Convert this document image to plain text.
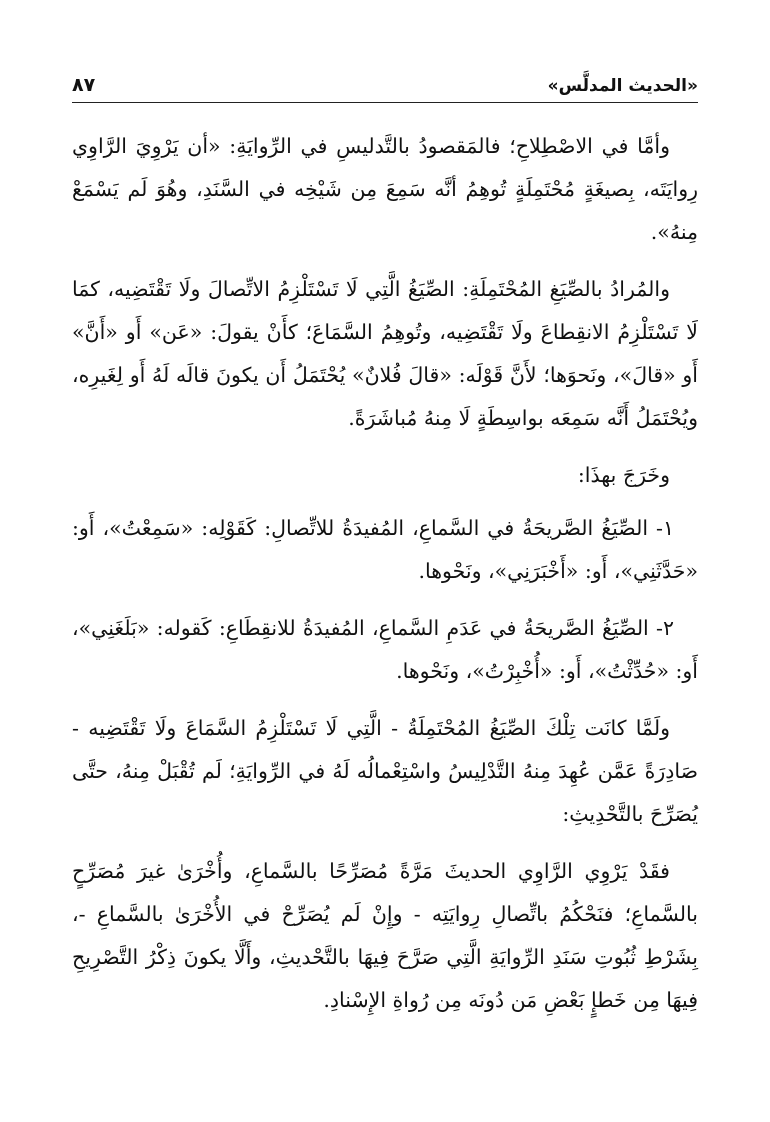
«الحديث المدلَّس»
٨٧

وأمَّا في الاصْطِلاحِ؛ فالمَقصودُ بالتَّدليسِ في الرِّوايَةِ: «أن يَرْوِيَ الرَّاوِي رِوايَتَه، بِصيغَةٍ مُحْتَمِلَةٍ تُوهِمُ أنَّه سَمِعَ مِن شَيْخِه في السَّنَدِ، وهُوَ لَم يَسْمَعْ مِنهُ».

والمُرادُ بالصِّيَغِ المُحْتَمِلَةِ: الصِّيَغُ الَّتِي لَا تَسْتَلْزِمُ الاتِّصالَ ولَا تَقْتَضِيه، كمَا لَا تَسْتَلْزِمُ الانقِطاعَ ولَا تَقْتَضِيه، وتُوهِمُ السَّمَاعَ؛ كأَنْ يقولَ: «عَن» أَو «أَنَّ» أَو «قالَ»، ونَحوَها؛ لأَنَّ قَوْلَه: «قالَ فُلانٌ» يُحْتَمَلُ أَن يكونَ قالَه لَهُ أَو لِغَيرِه، ويُحْتَمَلُ أَنَّه سَمِعَه بواسِطَةٍ لَا مِنهُ مُباشَرَةً.

وخَرَجَ بهذَا:

١- الصِّيَغُ الصَّريحَةُ في السَّماعِ، المُفيدَةُ للاتِّصالِ: كَقَوْلِه: «سَمِعْتُ»، أَو: «حَدَّثَنِي»، أَو: «أَخْبَرَنِي»، ونَحْوها.

٢- الصِّيَغُ الصَّريحَةُ في عَدَمِ السَّماعِ، المُفيدَةُ للانقِطَاعِ: كَقوله: «بَلَغَنِي»، أَو: «حُدِّثْتُ»، أَو: «أُخْبِرْتُ»، ونَحْوها.

ولَمَّا كانَت تِلْكَ الصِّيَغُ المُحْتَمِلَةُ - الَّتِي لَا تَسْتَلْزِمُ السَّمَاعَ ولَا تَقْتَضِيه - صَادِرَةً عَمَّن عُهِدَ مِنهُ التَّدْلِيسُ واسْتِعْمالُه لَهُ في الرِّوايَةِ؛ لَم تُقْبَلْ مِنهُ، حتَّى يُصَرِّحَ بالتَّحْدِيثِ:

فقَدْ يَرْوِي الرَّاوِي الحديثَ مَرَّةً مُصَرِّحًا بالسَّماعِ، وأُخْرَىٰ غيرَ مُصَرِّحٍ بالسَّماعِ؛ فنَحْكُمُ باتِّصالِ رِوايَتِه - وإِنْ لَم يُصَرِّحْ في الأُخْرَىٰ بالسَّماعِ -، بِشَرْطِ ثُبُوتِ سَنَدِ الرِّوايَةِ الَّتِي صَرَّحَ فِيهَا بالتَّحْديثِ، وأَلَّا يكونَ ذِكْرُ التَّصْرِيحِ فِيهَا مِن خَطإٍ بَعْضِ مَن دُونَه مِن رُواةِ الإِسْنادِ.
